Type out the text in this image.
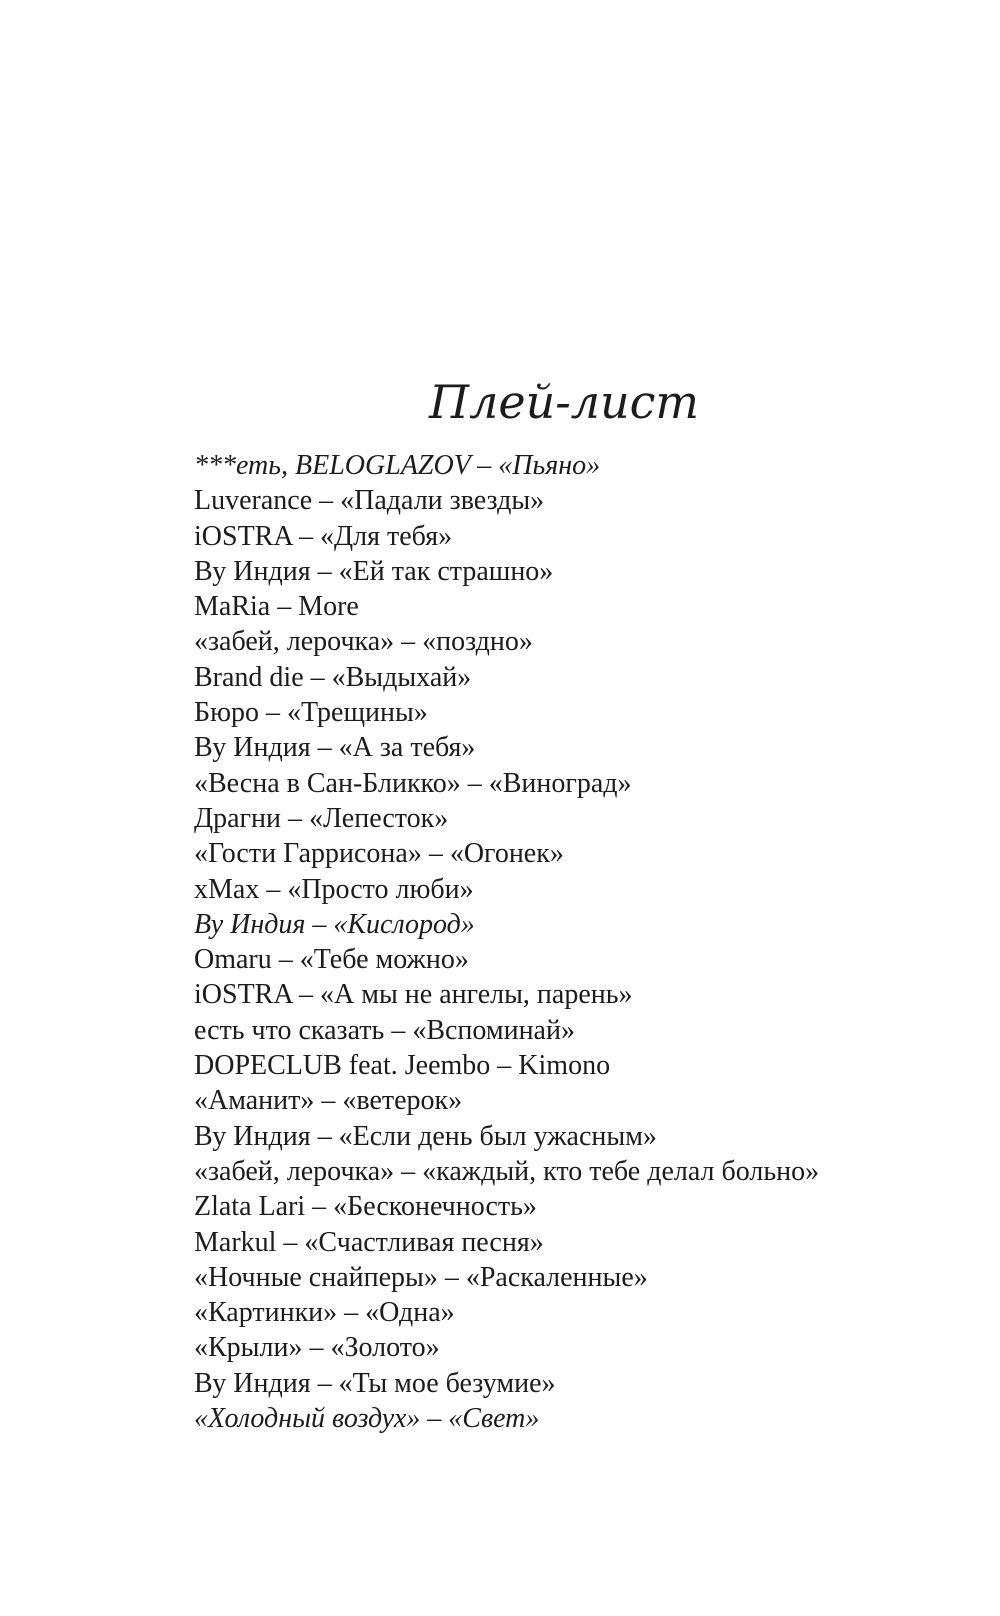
Плей-лист
***еть, BELOGLAZOV – «Пьяно»
Luverance – «Падали звезды»
iOSTRA – «Для тебя»
Ву Индия – «Ей так страшно»
MaRia – More
«забей, лерочка» – «поздно»
Brand die – «Выдыхай»
Бюро – «Трещины»
Ву Индия – «А за тебя»
«Весна в Сан-Бликко» – «Виноград»
Драгни – «Лепесток»
«Гости Гаррисона» – «Огонек»
xMax – «Просто люби»
Ву Индия – «Кислород»
Omaru – «Тебе можно»
iOSTRA – «А мы не ангелы, парень»
есть что сказать – «Вспоминай»
DOPECLUB feat. Jeembo – Kimono
«Аманит» – «ветерок»
Ву Индия – «Если день был ужасным»
«забей, лерочка» – «каждый, кто тебе делал больно»
Zlata Lari – «Бесконечность»
Markul – «Счастливая песня»
«Ночные снайперы» – «Раскаленные»
«Картинки» – «Одна»
«Крыли» – «Золото»
Ву Индия – «Ты мое безумие»
«Холодный воздух» – «Свет»
